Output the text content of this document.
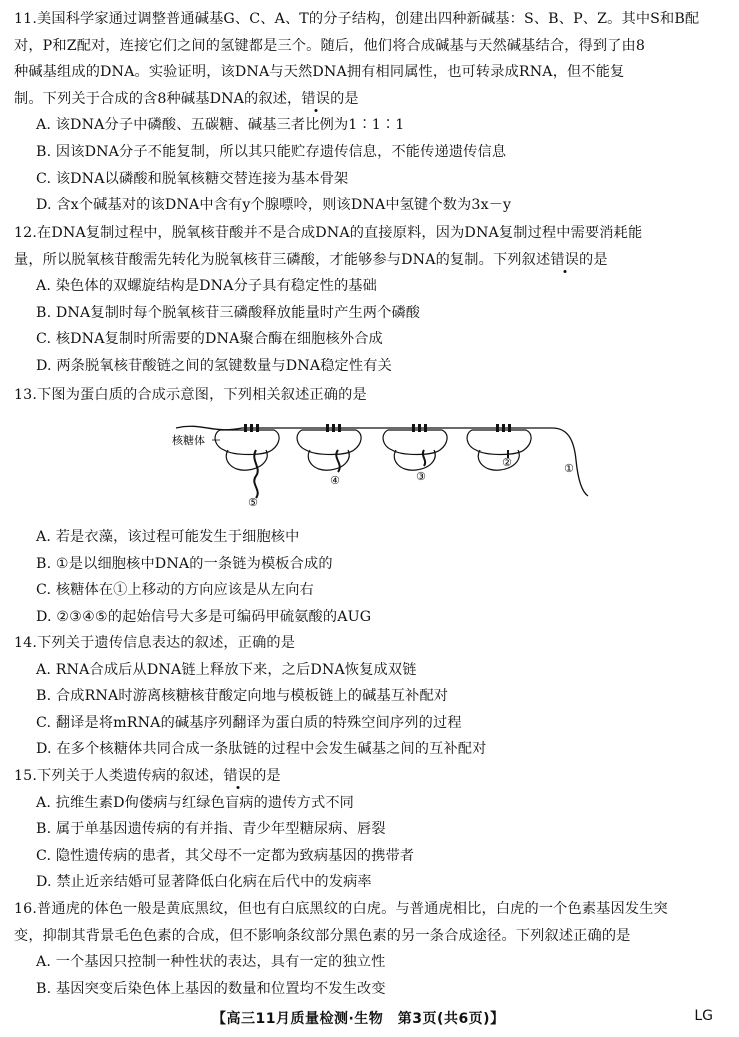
11.美国科学家通过调整普通碱基G、C、A、T的分子结构，创建出四种新碱基：S、B、P、Z。其中S和B配
对，P和Z配对，连接它们之间的氢键都是三个。随后，他们将合成碱基与天然碱基结合，得到了由8
种碱基组成的DNA。实验证明，该DNA与天然DNA拥有相同属性，也可转录成RNA，但不能复
制。下列关于合成的含8种碱基DNA的叙述，错误的是
A. 该DNA分子中磷酸、五碳糖、碱基三者比例为1∶1∶1
B. 因该DNA分子不能复制，所以其只能贮存遗传信息，不能传递遗传信息
C. 该DNA以磷酸和脱氧核糖交替连接为基本骨架
D. 含x个碱基对的该DNA中含有y个腺嘌呤，则该DNA中氢键个数为3x－y
12.在DNA复制过程中，脱氧核苷酸并不是合成DNA的直接原料，因为DNA复制过程中需要消耗能
量，所以脱氧核苷酸需先转化为脱氧核苷三磷酸，才能够参与DNA的复制。下列叙述错误的是
A. 染色体的双螺旋结构是DNA分子具有稳定性的基础
B. DNA复制时每个脱氧核苷三磷酸释放能量时产生两个磷酸
C. 核DNA复制时所需要的DNA聚合酶在细胞核外合成
D. 两条脱氧核苷酸链之间的氢键数量与DNA稳定性有关
13.下图为蛋白质的合成示意图，下列相关叙述正确的是
核糖体
⑤
④	③
②	①
A. 若是衣藻，该过程可能发生于细胞核中
B. ①是以细胞核中DNA的一条链为模板合成的
C. 核糖体在①上移动的方向应该是从左向右
D. ②③④⑤的起始信号大多是可编码甲硫氨酸的AUG
14.下列关于遗传信息表达的叙述，正确的是
A. RNA合成后从DNA链上释放下来，之后DNA恢复成双链
B. 合成RNA时游离核糖核苷酸定向地与模板链上的碱基互补配对
C. 翻译是将mRNA的碱基序列翻译为蛋白质的特殊空间序列的过程
D. 在多个核糖体共同合成一条肽链的过程中会发生碱基之间的互补配对
15.下列关于人类遗传病的叙述，错误的是
A. 抗维生素D佝偻病与红绿色盲病的遗传方式不同
B. 属于单基因遗传病的有并指、青少年型糖尿病、唇裂
C. 隐性遗传病的患者，其父母不一定都为致病基因的携带者
D. 禁止近亲结婚可显著降低白化病在后代中的发病率
16.普通虎的体色一般是黄底黑纹，但也有白底黑纹的白虎。与普通虎相比，白虎的一个色素基因发生突
变，抑制其背景毛色色素的合成，但不影响条纹部分黑色素的另一条合成途径。下列叙述正确的是
A. 一个基因只控制一种性状的表达，具有一定的独立性
B. 基因突变后染色体上基因的数量和位置均不发生改变
【高三11月质量检测·生物　第3页(共6页)】	LG
